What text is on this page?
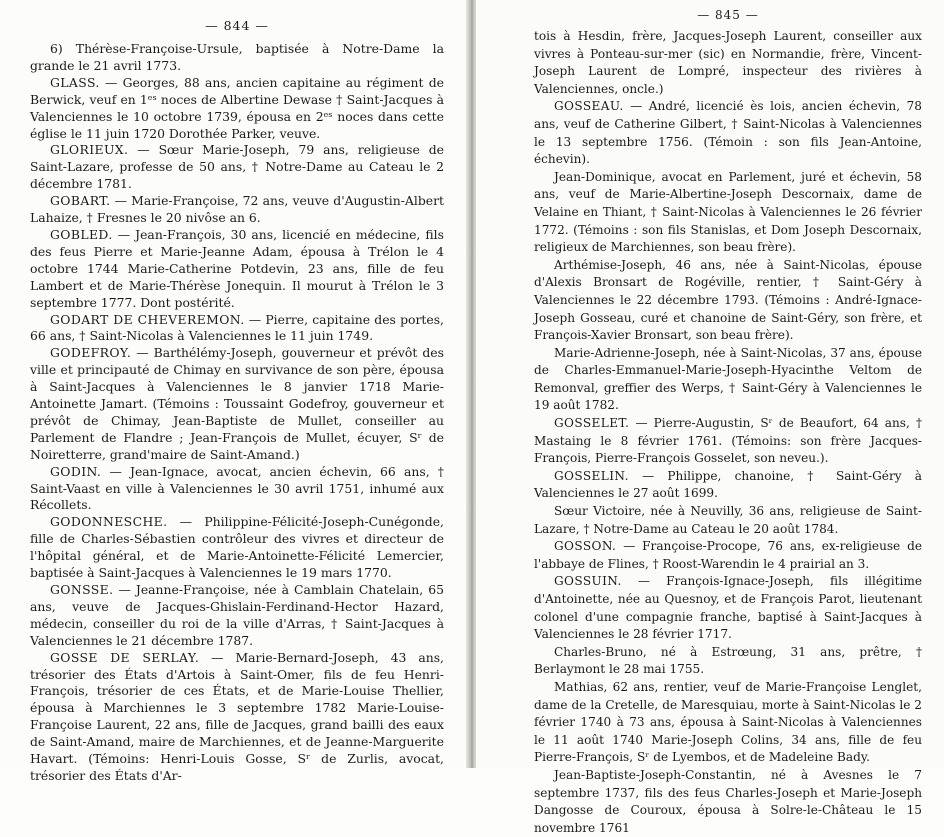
— 844 —

6) Thérèse-Françoise-Ursule, baptisée à Notre-Dame la grande le 21 avril 1773.

GLASS. — Georges, 88 ans, ancien capitaine au régiment de Berwick, veuf en 1ᵉˢ noces de Albertine Dewase † Saint-Jacques à Valenciennes le 10 octobre 1739, épousa en 2ᵉˢ noces dans cette église le 11 juin 1720 Dorothée Parker, veuve.

GLORIEUX. — Sœur Marie-Joseph, 79 ans, religieuse de Saint-Lazare, professe de 50 ans, † Notre-Dame au Cateau le 2 décembre 1781.

GOBART. — Marie-Françoise, 72 ans, veuve d'Augustin-Albert Lahaize, † Fresnes le 20 nivôse an 6.

GOBLED. — Jean-François, 30 ans, licencié en médecine, fils des feus Pierre et Marie-Jeanne Adam, épousa à Trélon le 4 octobre 1744 Marie-Catherine Potdevin, 23 ans, fille de feu Lambert et de Marie-Thérèse Jonequin. Il mourut à Trélon le 3 septembre 1777. Dont postérité.

GODART DE CHEVEREMON. — Pierre, capitaine des portes, 66 ans, † Saint-Nicolas à Valenciennes le 11 juin 1749.

GODEFROY. — Barthélémy-Joseph, gouverneur et prévôt des ville et principauté de Chimay en survivance de son père, épousa à Saint-Jacques à Valenciennes le 8 janvier 1718 Marie-Antoinette Jamart. (Témoins : Toussaint Godefroy, gouverneur et prévôt de Chimay, Jean-Baptiste de Mullet, conseiller au Parlement de Flandre ; Jean-François de Mullet, écuyer, Sʳ de Noiretterre, grand'maire de Saint-Amand.)

GODIN. — Jean-Ignace, avocat, ancien échevin, 66 ans, † Saint-Vaast en ville à Valenciennes le 30 avril 1751, inhumé aux Récollets.

GODONNESCHE. — Philippine-Félicité-Joseph-Cunégonde, fille de Charles-Sébastien contrôleur des vivres et directeur de l'hôpital général, et de Marie-Antoinette-Félicité Lemercier, baptisée à Saint-Jacques à Valenciennes le 19 mars 1770.

GONSSE. — Jeanne-Françoise, née à Camblain Chatelain, 65 ans, veuve de Jacques-Ghislain-Ferdinand-Hector Hazard, médecin, conseiller du roi de la ville d'Arras, † Saint-Jacques à Valenciennes le 21 décembre 1787.

GOSSE DE SERLAY. — Marie-Bernard-Joseph, 43 ans, trésorier des États d'Artois à Saint-Omer, fils de feu Henri-François, trésorier de ces États, et de Marie-Louise Thellier, épousa à Marchiennes le 3 septembre 1782 Marie-Louise-Françoise Laurent, 22 ans, fille de Jacques, grand bailli des eaux de Saint-Amand, maire de Marchiennes, et de Jeanne-Marguerite Havart. (Témoins: Henri-Louis Gosse, Sʳ de Zurlis, avocat, trésorier des États d'Ar-

— 845 —

tois à Hesdin, frère, Jacques-Joseph Laurent, conseiller aux vivres à Ponteau-sur-mer (sic) en Normandie, frère, Vincent-Joseph Laurent de Lompré, inspecteur des rivières à Valenciennes, oncle.)

GOSSEAU. — André, licencié ès lois, ancien échevin, 78 ans, veuf de Catherine Gilbert, † Saint-Nicolas à Valenciennes le 13 septembre 1756. (Témoin : son fils Jean-Antoine, échevin).

Jean-Dominique, avocat en Parlement, juré et échevin, 58 ans, veuf de Marie-Albertine-Joseph Descornaix, dame de Velaine en Thiant, † Saint-Nicolas à Valenciennes le 26 février 1772. (Témoins : son fils Stanislas, et Dom Joseph Descornaix, religieux de Marchiennes, son beau frère).

Arthémise-Joseph, 46 ans, née à Saint-Nicolas, épouse d'Alexis Bronsart de Rogéville, rentier, † Saint-Géry à Valenciennes le 22 décembre 1793. (Témoins : André-Ignace-Joseph Gosseau, curé et chanoine de Saint-Géry, son frère, et François-Xavier Bronsart, son beau frère).

Marie-Adrienne-Joseph, née à Saint-Nicolas, 37 ans, épouse de Charles-Emmanuel-Marie-Joseph-Hyacinthe Veltom de Remonval, greffier des Werps, † Saint-Géry à Valenciennes le 19 août 1782.

GOSSELET. — Pierre-Augustin, Sʳ de Beaufort, 64 ans, † Mastaing le 8 février 1761. (Témoins: son frère Jacques-François, Pierre-François Gosselet, son neveu.).

GOSSELIN. — Philippe, chanoine, † Saint-Géry à Valenciennes le 27 août 1699.

Sœur Victoire, née à Neuvilly, 36 ans, religieuse de Saint-Lazare, † Notre-Dame au Cateau le 20 août 1784.

GOSSON. — Françoise-Procope, 76 ans, ex-religieuse de l'abbaye de Flines, † Roost-Warendin le 4 prairial an 3.

GOSSUIN. — François-Ignace-Joseph, fils illégitime d'Antoinette, née au Quesnoy, et de François Parot, lieutenant colonel d'une compagnie franche, baptisé à Saint-Jacques à Valenciennes le 28 février 1717.

Charles-Bruno, né à Estrœung, 31 ans, prêtre, † Berlaymont le 28 mai 1755.

Mathias, 62 ans, rentier, veuf de Marie-Françoise Lenglet, dame de la Cretelle, de Maresquiau, morte à Saint-Nicolas le 2 février 1740 à 73 ans, épousa à Saint-Nicolas à Valenciennes le 11 août 1740 Marie-Joseph Colins, 34 ans, fille de feu Pierre-François, Sʳ de Lyembos, et de Madeleine Bady.

Jean-Baptiste-Joseph-Constantin, né à Avesnes le 7 septembre 1737, fils des feus Charles-Joseph et Marie-Joseph Dangosse de Couroux, épousa à Solre-le-Château le 15 novembre 1761
